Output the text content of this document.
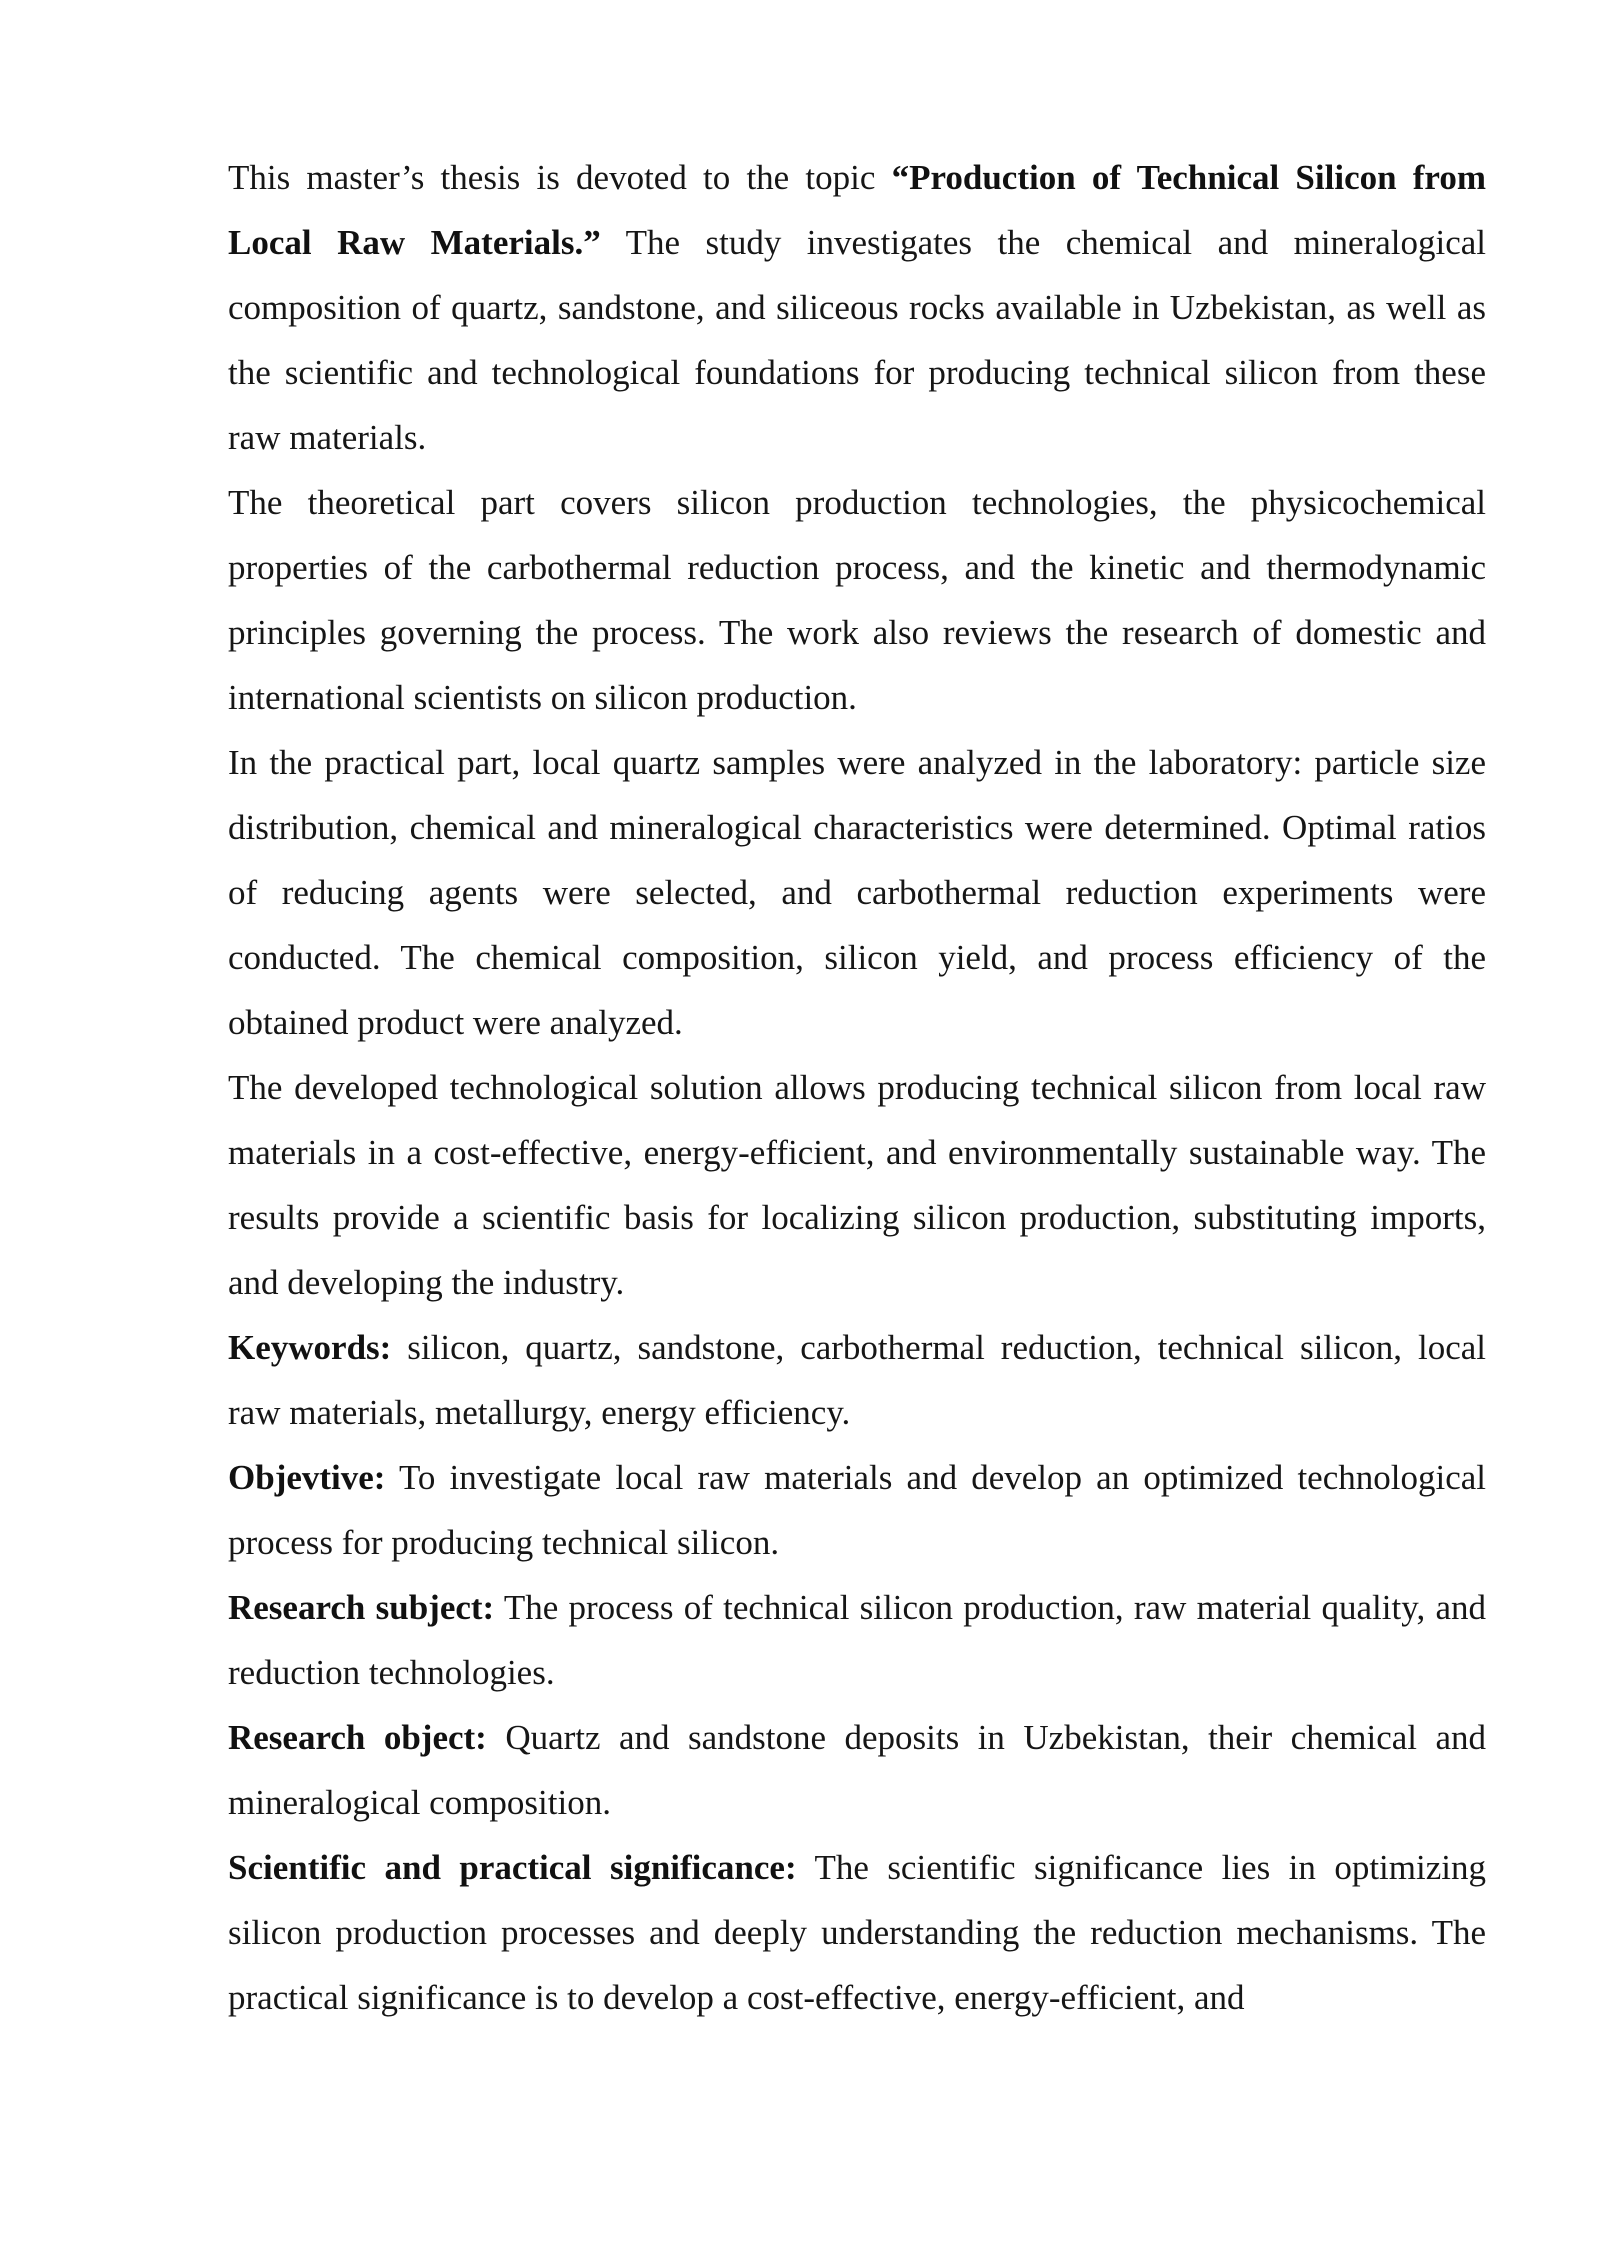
This master’s thesis is devoted to the topic “Production of Technical Silicon from Local Raw Materials.” The study investigates the chemical and mineralogical composition of quartz, sandstone, and siliceous rocks available in Uzbekistan, as well as the scientific and technological foundations for producing technical silicon from these raw materials.

The theoretical part covers silicon production technologies, the physicochemical properties of the carbothermal reduction process, and the kinetic and thermodynamic principles governing the process. The work also reviews the research of domestic and international scientists on silicon production.

In the practical part, local quartz samples were analyzed in the laboratory: particle size distribution, chemical and mineralogical characteristics were determined. Optimal ratios of reducing agents were selected, and carbothermal reduction experiments were conducted. The chemical composition, silicon yield, and process efficiency of the obtained product were analyzed.

The developed technological solution allows producing technical silicon from local raw materials in a cost-effective, energy-efficient, and environmentally sustainable way. The results provide a scientific basis for localizing silicon production, substituting imports, and developing the industry.

Keywords: silicon, quartz, sandstone, carbothermal reduction, technical silicon, local raw materials, metallurgy, energy efficiency.

Objevtive: To investigate local raw materials and develop an optimized technological process for producing technical silicon.

Research subject: The process of technical silicon production, raw material quality, and reduction technologies.

Research object: Quartz and sandstone deposits in Uzbekistan, their chemical and mineralogical composition.

Scientific and practical significance: The scientific significance lies in optimizing silicon production processes and deeply understanding the reduction mechanisms. The practical significance is to develop a cost-effective, energy-efficient, and
